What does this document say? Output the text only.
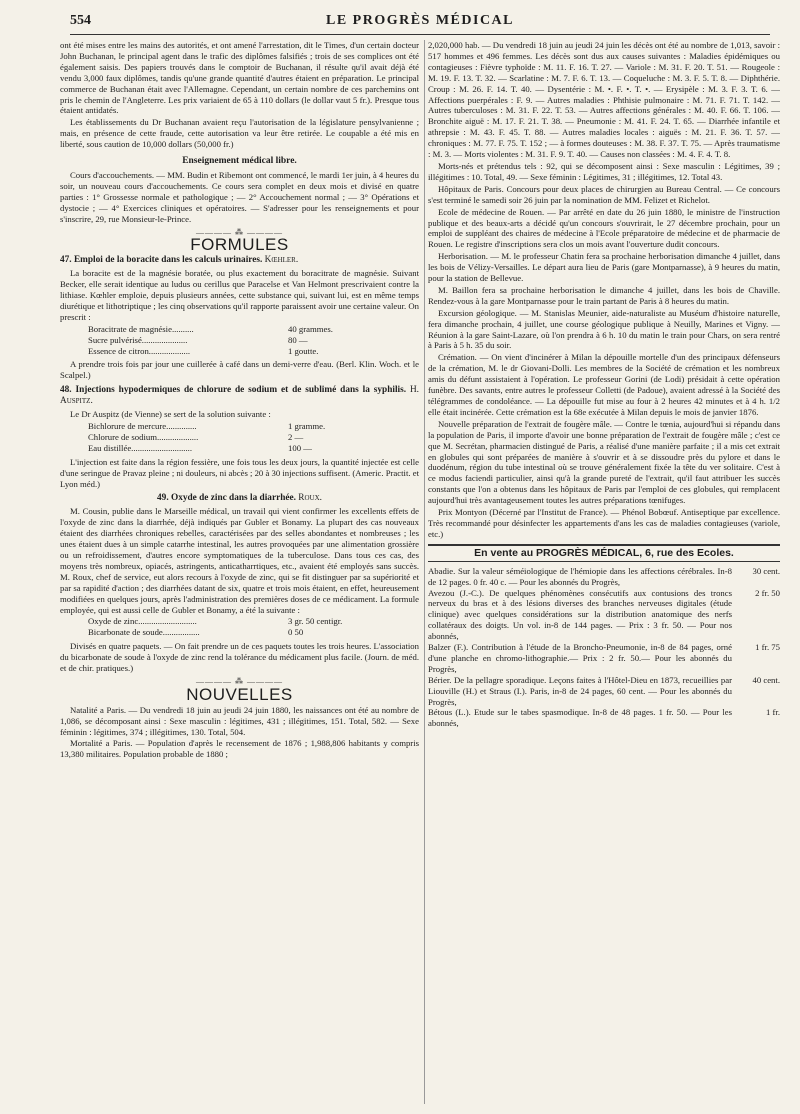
554	LE PROGRÈS MÉDICAL

ont été mises entre les mains des autorités, et ont amené l'arrestation, dit le Times, d'un certain docteur John Buchanan, le principal agent dans le trafic des diplômes falsifiés ; trois de ses complices ont été également saisis. Des papiers trouvés dans le comptoir de Buchanan, il résulte qu'il avait déjà été vendu 3,000 faux diplômes, tandis qu'une grande quantité d'autres étaient en préparation. Le principal commerce de Buchanan était avec l'Allemagne. Cependant, un certain nombre de ces parchemins ont pris le chemin de l'Angleterre. Les prix variaient de 65 à 110 dollars (le dollar vaut 5 fr.). Presque tous étaient antidatés.

Les établissements du Dr Buchanan avaient reçu l'autorisation de la législature pensylvanienne ; mais, en présence de cette fraude, cette autorisation va leur être retirée. Le coupable a été mis en liberté, sous caution de 10,000 dollars (50,000 fr.)

Enseignement médical libre.

Cours d'accouchements. — MM. Budin et Ribemont ont commencé, le mardi 1er juin, à 4 heures du soir, un nouveau cours d'accouchements. Ce cours sera complet en deux mois et divisé en quatre parties : 1° Grossesse normale et pathologique ; — 2° Accouchement normal ; — 3° Opérations et dystocie ; — 4° Exercices cliniques et opératoires. — S'adresser pour les renseignements et pour s'inscrire, 29, rue Monsieur-le-Prince.

———— ⁂ ————
FORMULES
47. Emploi de la boracite dans les calculs urinaires. Kœhler.

La boracite est de la magnésie boratée, ou plus exactement du boracitrate de magnésie. Suivant Becker, elle serait identique au ludus ou cerillus que Paracelse et Van Helmont prescrivaient contre la lithiase. Kœhler emploie, depuis plusieurs années, cette substance qui, suivant lui, est en même temps diurétique et lithotriptique ; les cinq observations qu'il rapporte paraissent avoir une certaine valeur. On prescrit :

Boracitrate de magnésie..........	40 grammes.
Sucre pulvérisé.....................	80 —
Essence de citron...................	1 goutte.

A prendre trois fois par jour une cuillerée à café dans un demi-verre d'eau. (Berl. Klin. Woch. et le Scalpel.)

48. Injections hypodermiques de chlorure de sodium et de sublimé dans la syphilis. H. Auspitz.

Le Dr Auspitz (de Vienne) se sert de la solution suivante :

Bichlorure de mercure..............	1 gramme.
Chlorure de sodium...................	2 —
Eau distillée............................	100 —

L'injection est faite dans la région fessière, une fois tous les deux jours, la quantité injectée est celle d'une seringue de Pravaz pleine ; ni douleurs, ni abcès ; 20 à 30 injections suffisent. (Americ. Practit. et Lyon méd.)

49. Oxyde de zinc dans la diarrhée. Roux.

M. Cousin, publie dans le Marseille médical, un travail qui vient confirmer les excellents effets de l'oxyde de zinc dans la diarrhée, déjà indiqués par Gubler et Bonamy. La plupart des cas nouveaux étaient des diarrhées chroniques rebelles, caractérisées par des selles abondantes et nombreuses ; les unes étaient dues à un simple catarrhe intestinal, les autres provoquées par une alimentation grossière ou un refroidissement, d'autres encore symptomatiques de la tuberculose. Dans tous ces cas, des moyens très nombreux, opiacés, astringents, anticatharrtiques, etc., avaient été employés sans succès. M. Roux, chef de service, eut alors recours à l'oxyde de zinc, qui se fit distinguer par sa supériorité et par sa rapidité d'action ; des diarrhées datant de six, quatre et trois mois étaient, en effet, heureusement modifiées en quelques jours, après l'administration des premières doses de ce médicament. La formule employée, qui est aussi celle de Gubler et Bonamy, a été la suivante :

Oxyde de zinc...........................	3 gr. 50 centigr.
Bicarbonate de soude.................	0 50

Divisés en quatre paquets. — On fait prendre un de ces paquets toutes les trois heures. L'association du bicarbonate de soude à l'oxyde de zinc rend la tolérance du médicament plus facile. (Journ. de méd. et de chir. pratiques.)

———— ⁂ ————
NOUVELLES

Natalité a Paris. — Du vendredi 18 juin au jeudi 24 juin 1880, les naissances ont été au nombre de 1,086, se décomposant ainsi : Sexe masculin : légitimes, 431 ; illégitimes, 151. Total, 582. — Sexe féminin : légitimes, 374 ; illégitimes, 130. Total, 504.

Mortalité a Paris. — Population d'après le recensement de 1876 ; 1,988,806 habitants y compris 13,380 militaires. Population probable de 1880 ;

2,020,000 hab. — Du vendredi 18 juin au jeudi 24 juin les décès ont été au nombre de 1,013, savoir : 517 hommes et 496 femmes. Les décès sont dus aux causes suivantes : Maladies épidémiques ou contagieuses : Fièvre typhoïde : M. 11. F. 16. T. 27. — Variole : M. 31. F. 20. T. 51. — Rougeole : M. 19. F. 13. T. 32. — Scarlatine : M. 7. F. 6. T. 13. — Coqueluche : M. 3. F. 5. T. 8. — Diphthérie. Croup : M. 26. F. 14. T. 40. — Dysentérie : M. •. F. •. T. •. — Erysipèle : M. 3. F. 3. T. 6. — Affections puerpérales : F. 9. — Autres maladies : Phthisie pulmonaire : M. 71. F. 71. T. 142. — Autres tuberculoses : M. 31. F. 22. T. 53. — Autres affections générales : M. 40. F. 66. T. 106. — Bronchite aiguë : M. 17. F. 21. T. 38. — Pneumonie : M. 41. F. 24. T. 65. — Diarrhée infantile et athrepsie : M. 43. F. 45. T. 88. — Autres maladies locales : aiguës : M. 21. F. 36. T. 57. — chroniques : M. 77. F. 75. T. 152 ; — à formes douteuses : M. 38. F. 37. T. 75. — Après traumatisme : M. 3. — Morts violentes : M. 31. F. 9. T. 40. — Causes non classées : M. 4. F. 4. T. 8.

Morts-nés et prétendus tels : 92, qui se décomposent ainsi : Sexe masculin : Légitimes, 39 ; illégitimes : 10. Total, 49. — Sexe féminin : Légitimes, 31 ; illégitimes, 12. Total 43.

Hôpitaux de Paris. Concours pour deux places de chirurgien au Bureau Central. — Ce concours s'est terminé le samedi soir 26 juin par la nomination de MM. Felizet et Richelot.

Ecole de médecine de Rouen. — Par arrêté en date du 26 juin 1880, le ministre de l'instruction publique et des beaux-arts a décidé qu'un concours s'ouvrirait, le 27 décembre prochain, pour un emploi de suppléant des chaires de médecine à l'Ecole préparatoire de médecine et de pharmacie de Rouen. Le registre d'inscriptions sera clos un mois avant l'ouverture dudit concours.

Herborisation. — M. le professeur Chatin fera sa prochaine herborisation dimanche 4 juillet, dans les bois de Vélizy-Versailles. Le départ aura lieu de Paris (gare Montparnasse), à 9 heures du matin, pour la station de Bellevue.

M. Baillon fera sa prochaine herborisation le dimanche 4 juillet, dans les bois de Chaville. Rendez-vous à la gare Montparnasse pour le train partant de Paris à 8 heures du matin.

Excursion géologique. — M. Stanislas Meunier, aide-naturaliste au Muséum d'histoire naturelle, fera dimanche prochain, 4 juillet, une course géologique publique à Neuilly, Marines et Vigny. — Réunion à la gare Saint-Lazare, où l'on prendra à 6 h. 10 du matin le train pour Chars, on sera rentré à Paris à 5 h. 35 du soir.

Crémation. — On vient d'incinérer à Milan la dépouille mortelle d'un des principaux défenseurs de la crémation, M. le dr Giovani-Dolli. Les membres de la Société de crémation et les nombreux amis du défunt assistaient à l'opération. Le professeur Gorini (de Lodi) présidait à cette opération funèbre. Des savants, entre autres le professeur Colletti (de Padoue), avaient adressé à la Société des télégrammes de condoléance. — La dépouille fut mise au four à 2 heures 42 minutes et à 4 h. 1/2 elle était incinérée. Cette crémation est la 68e exécutée à Milan depuis le mois de janvier 1876.

Nouvelle préparation de l'extrait de fougère mâle. — Contre le tœnia, aujourd'hui si répandu dans la population de Paris, il importe d'avoir une bonne préparation de l'extrait de fougère mâle ; c'est ce que M. Secrétan, pharmacien distingué de Paris, a réalisé d'une manière parfaite ; il a mis cet extrait en globules qui sont préparées de manière à s'ouvrir et à se dissoudre près du pylore et dans le duodénum, région du tube intestinal où se trouve généralement fixée la tête du ver solitaire. C'est à ce modus faciendi particulier, ainsi qu'à la grande pureté de l'extrait, qu'il faut attribuer les succès constants que l'on a obtenus dans les hôpitaux de Paris par l'emploi de ces globules, qui remplacent aujourd'hui très avantageusement toutes les autres préparations tœnifuges.

Prix Montyon (Décerné par l'Institut de France). — Phénol Bobœuf. Antiseptique par excellence. Très recommandé pour désinfecter les appartements d'ans les cas de maladies contagieuses (variole, etc.)

En vente au PROGRÈS MÉDICAL, 6, rue des Ecoles.
Abadie. Sur la valeur séméiologique de l'hémiopie dans les affections cérébrales. In-8 de 12 pages. 0 fr. 40 c. — Pour les abonnés du Progrès,
30 cent.
Avezou (J.-C.). De quelques phénomènes consécutifs aux contusions des troncs nerveux du bras et à des lésions diverses des branches nerveuses digitales (étude clinique) avec quelques considérations sur la distribution anatomique des nerfs collatéraux des doigts. Un vol. in-8 de 144 pages. — Prix : 3 fr. 50. — Pour nos abonnés,
2 fr. 50
Balzer (F.). Contribution à l'étude de la Broncho-Pneumonie, in-8 de 84 pages, orné d'une planche en chromo-lithographie.— Prix : 2 fr. 50.— Pour les abonnés du Progrès,
1 fr. 75
Bérier. De la pellagre sporadique. Leçons faites à l'Hôtel-Dieu en 1873, recueillies par Liouville (H.) et Straus (I.). Paris, in-8 de 24 pages, 60 cent. — Pour les abonnés du Progrès,
40 cent.
Bétous (L.). Etude sur le tabes spasmodique. In-8 de 48 pages. 1 fr. 50. — Pour les abonnés,
1 fr.
